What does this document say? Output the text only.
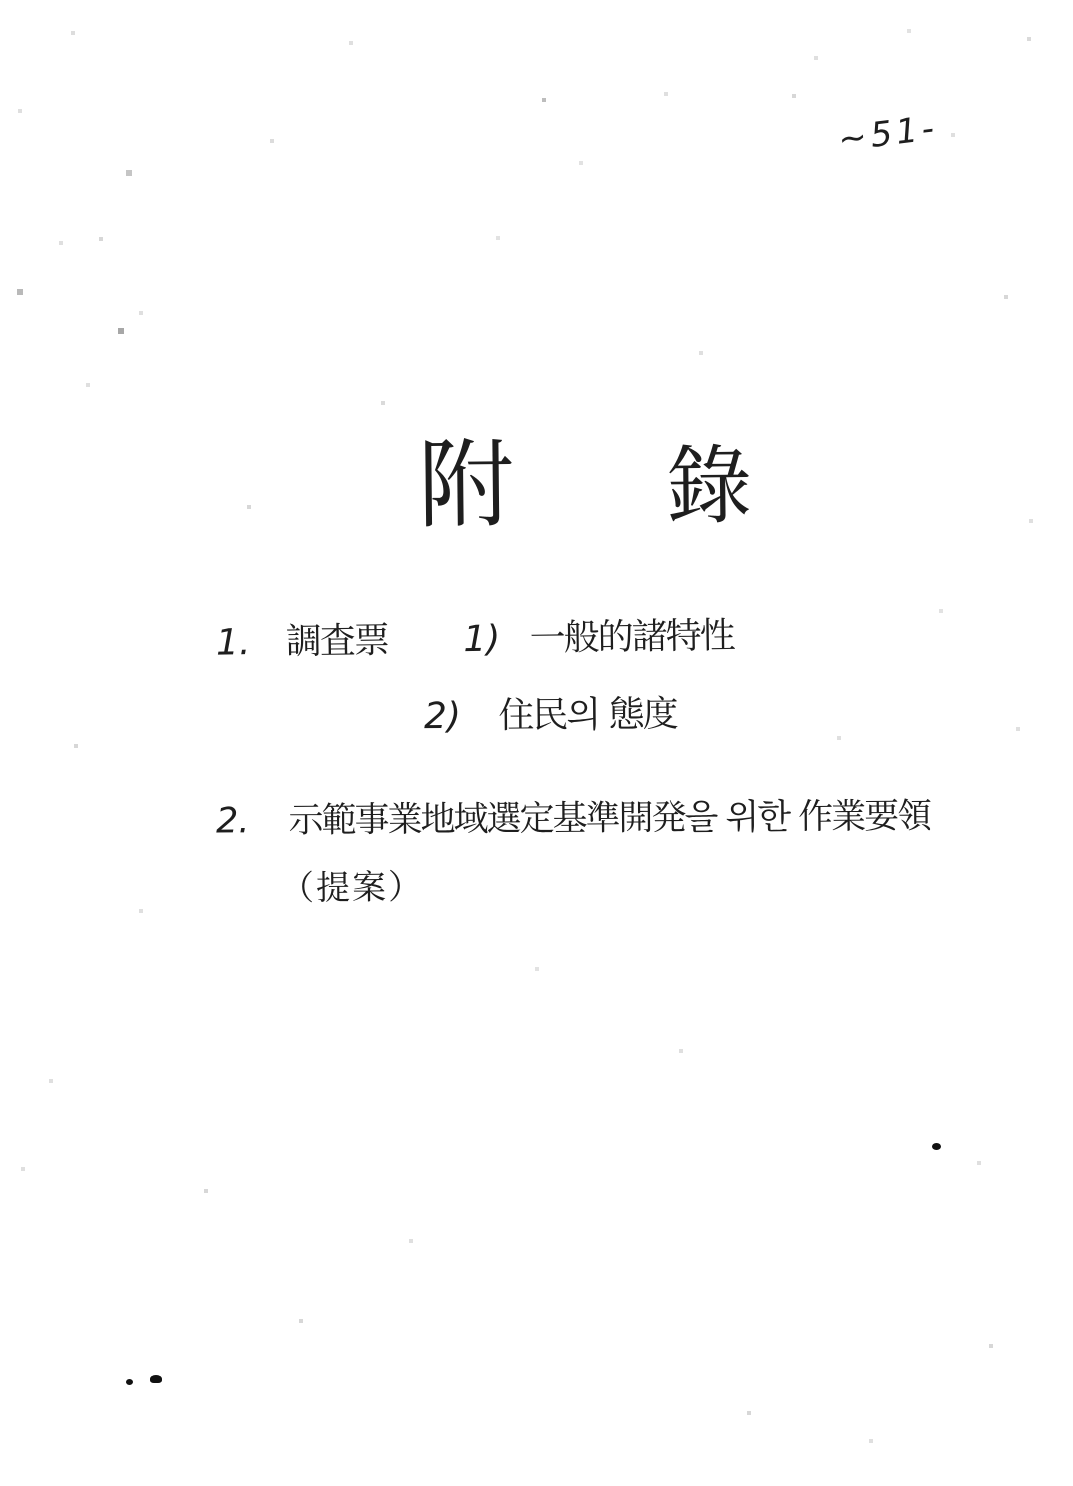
~51-
附 錄
1. 調査票 1) 一般的諸特性
2) 住民의 態度
2. 示範事業地域選定基準開発을 위한 作業要領
（提案）
